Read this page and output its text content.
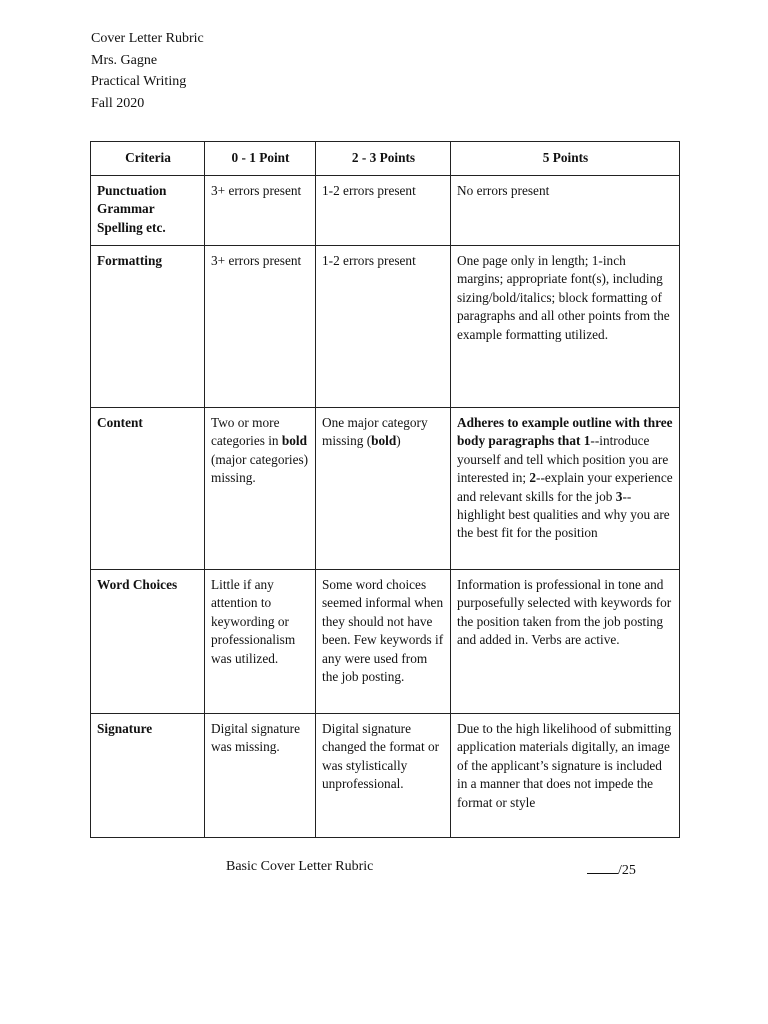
Cover Letter Rubric
Mrs. Gagne
Practical Writing
Fall 2020
Criteria	0 - 1 Point	2 - 3 Points	5 Points

Punctuation
Grammar
Spelling etc.	3+ errors present	1-2 errors present	No errors present
Formatting	3+ errors present	1-2 errors present	One page only in length; 1-inch margins; appropriate font(s), including sizing/bold/italics; block formatting of paragraphs and all other points from the example formatting utilized.
Content	Two or more categories in bold (major categories) missing.	One major category missing (bold)	Adheres to example outline with three body paragraphs that 1--introduce yourself and tell which position you are interested in; 2--explain your experience and relevant skills for the job 3--highlight best qualities and why you are the best fit for the position
Word Choices	Little if any attention to keywording or professionalism was utilized.	Some word choices seemed informal when they should not have been. Few keywords if any were used from the job posting.	Information is professional in tone and purposefully selected with keywords for the position taken from the job posting and added in. Verbs are active.
Signature	Digital signature was missing.	Digital signature changed the format or was stylistically unprofessional.	Due to the high likelihood of submitting application materials digitally, an image of the applicant’s signature is included in a manner that does not impede the format or style
Basic Cover Letter Rubric	/25
